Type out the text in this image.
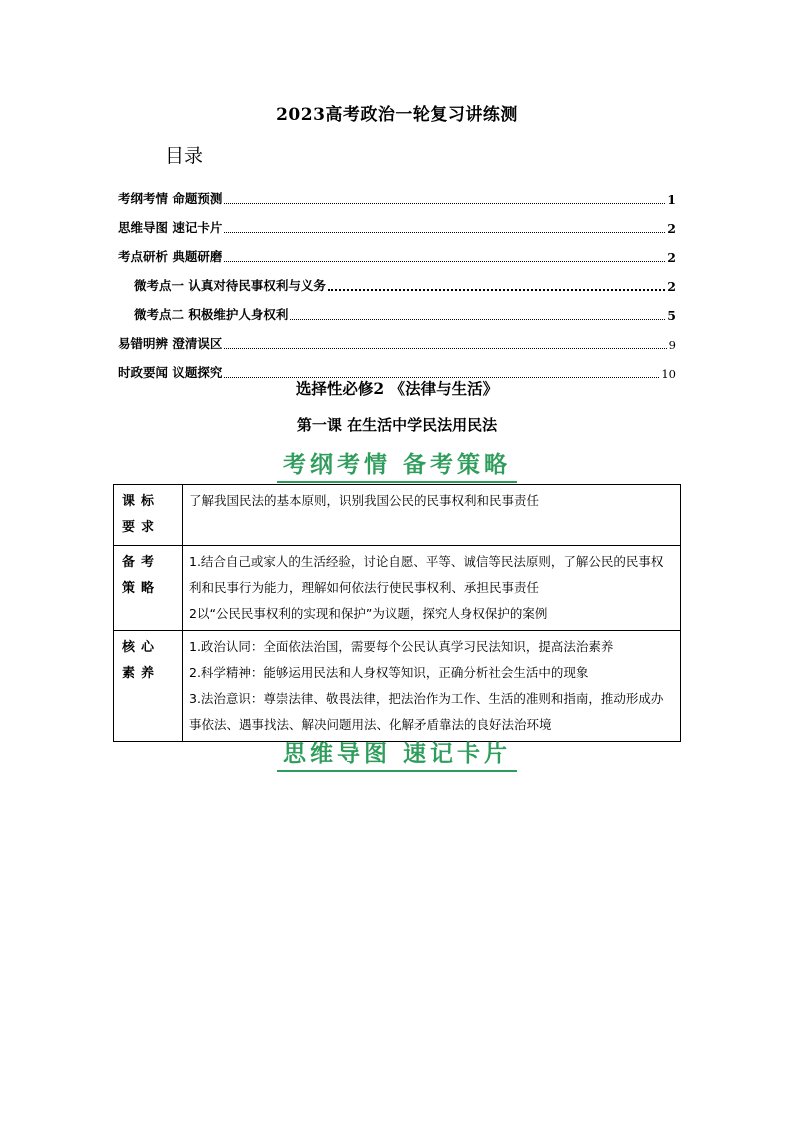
2023高考政治一轮复习讲练测
目录
考纲考情 命题预测	1
思维导图 速记卡片	2
考点研析 典题研磨	2
微考点一 认真对待民事权利与义务	2
微考点二 积极维护人身权利	5
易错明辨 澄清误区	9
时政要闻 议题探究	10
选择性必修2 《法律与生活》
第一课 在生活中学民法用民法
考纲考情 备考策略
课标要求	了解我国民法的基本原则，识别我国公民的民事权利和民事责任

备考策略	1.结合自己或家人的生活经验，讨论自愿、平等、诚信等民法原则，了解公民的民事权利和民事行为能力，理解如何依法行使民事权利、承担民事责任
2以“公民民事权利的实现和保护”为议题，探究人身权保护的案例

核心素养	1.政治认同：全面依法治国，需要每个公民认真学习民法知识，提高法治素养
2.科学精神：能够运用民法和人身权等知识，正确分析社会生活中的现象
3.法治意识：尊崇法律、敬畏法律，把法治作为工作、生活的准则和指南，推动形成办事依法、遇事找法、解决问题用法、化解矛盾靠法的良好法治环境
思维导图 速记卡片
